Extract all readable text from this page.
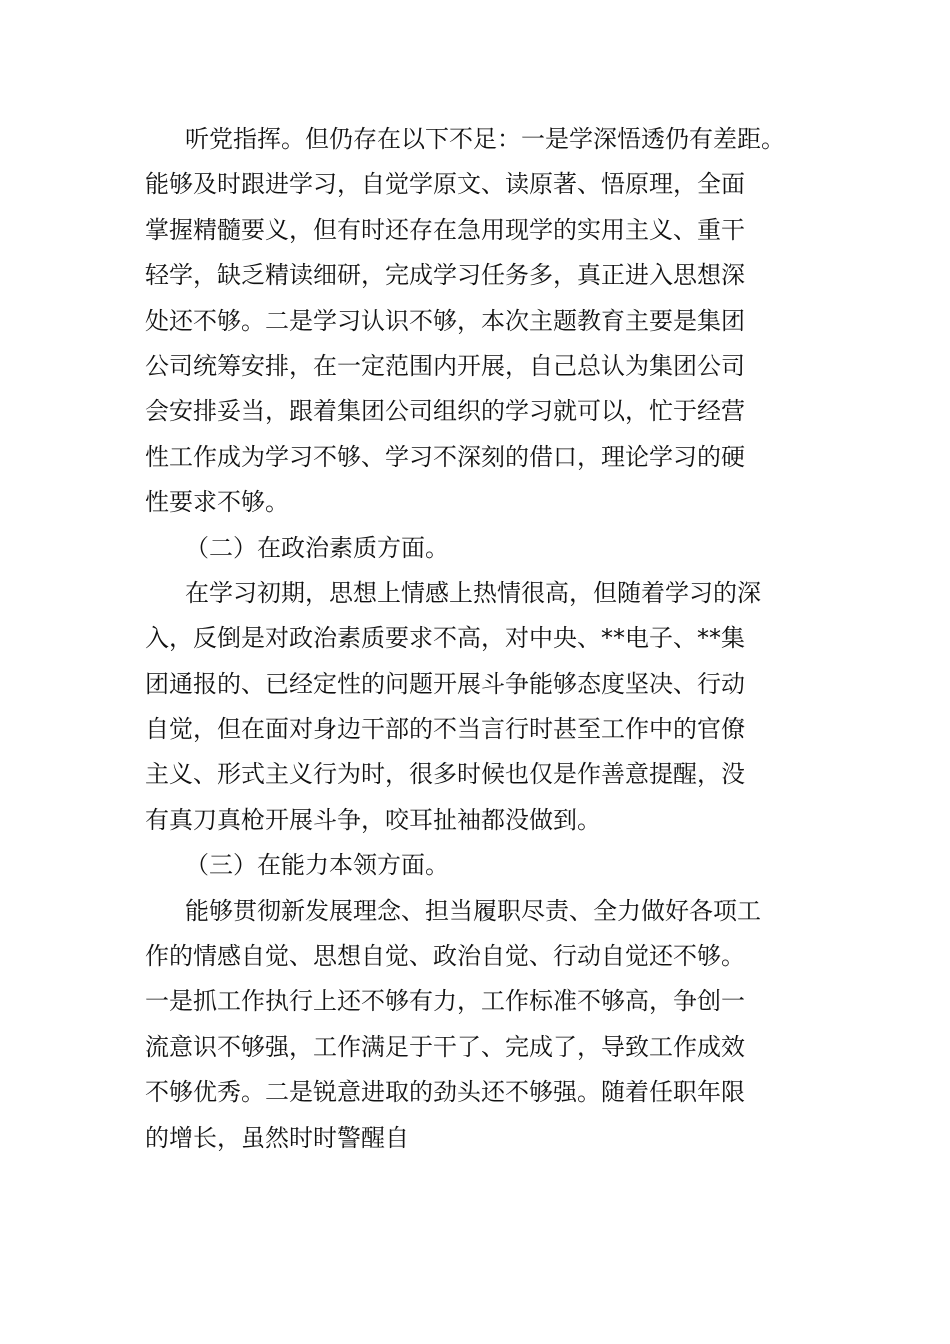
听党指挥。但仍存在以下不足：一是学深悟透仍有差距。
能够及时跟进学习，自觉学原文、读原著、悟原理，全面
掌握精髓要义，但有时还存在急用现学的实用主义、重干
轻学，缺乏精读细研，完成学习任务多，真正进入思想深
处还不够。二是学习认识不够，本次主题教育主要是集团
公司统筹安排，在一定范围内开展，自己总认为集团公司
会安排妥当，跟着集团公司组织的学习就可以，忙于经营
性工作成为学习不够、学习不深刻的借口，理论学习的硬
性要求不够。
（二）在政治素质方面。
在学习初期，思想上情感上热情很高，但随着学习的深
入，反倒是对政治素质要求不高，对中央、**电子、**集
团通报的、已经定性的问题开展斗争能够态度坚决、行动
自觉，但在面对身边干部的不当言行时甚至工作中的官僚
主义、形式主义行为时，很多时候也仅是作善意提醒，没
有真刀真枪开展斗争，咬耳扯袖都没做到。
（三）在能力本领方面。
能够贯彻新发展理念、担当履职尽责、全力做好各项工
作的情感自觉、思想自觉、政治自觉、行动自觉还不够。
一是抓工作执行上还不够有力，工作标准不够高，争创一
流意识不够强，工作满足于干了、完成了，导致工作成效
不够优秀。二是锐意进取的劲头还不够强。随着任职年限
的增长，虽然时时警醒自
